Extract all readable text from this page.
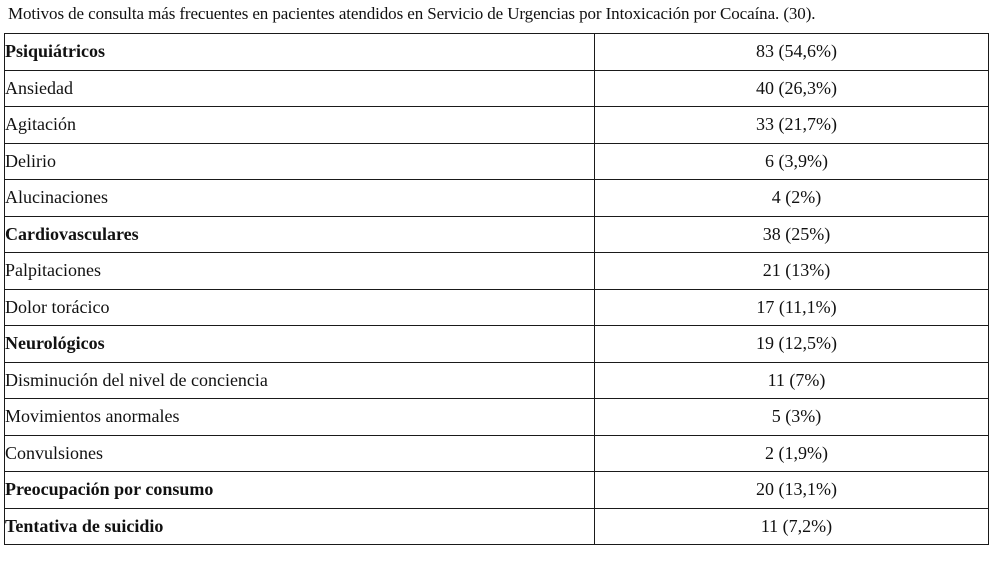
Motivos de consulta más frecuentes en pacientes atendidos en Servicio de Urgencias por Intoxicación por Cocaína. (30).
Psiquiátricos	83 (54,6%)
Ansiedad	40 (26,3%)
Agitación	33 (21,7%)
Delirio	6 (3,9%)
Alucinaciones	4 (2%)
Cardiovasculares	38 (25%)
Palpitaciones	21 (13%)
Dolor torácico	17 (11,1%)
Neurológicos	19 (12,5%)
Disminución del nivel de conciencia	11 (7%)
Movimientos anormales	5 (3%)
Convulsiones	2 (1,9%)
Preocupación por consumo	20 (13,1%)
Tentativa de suicidio	11 (7,2%)
